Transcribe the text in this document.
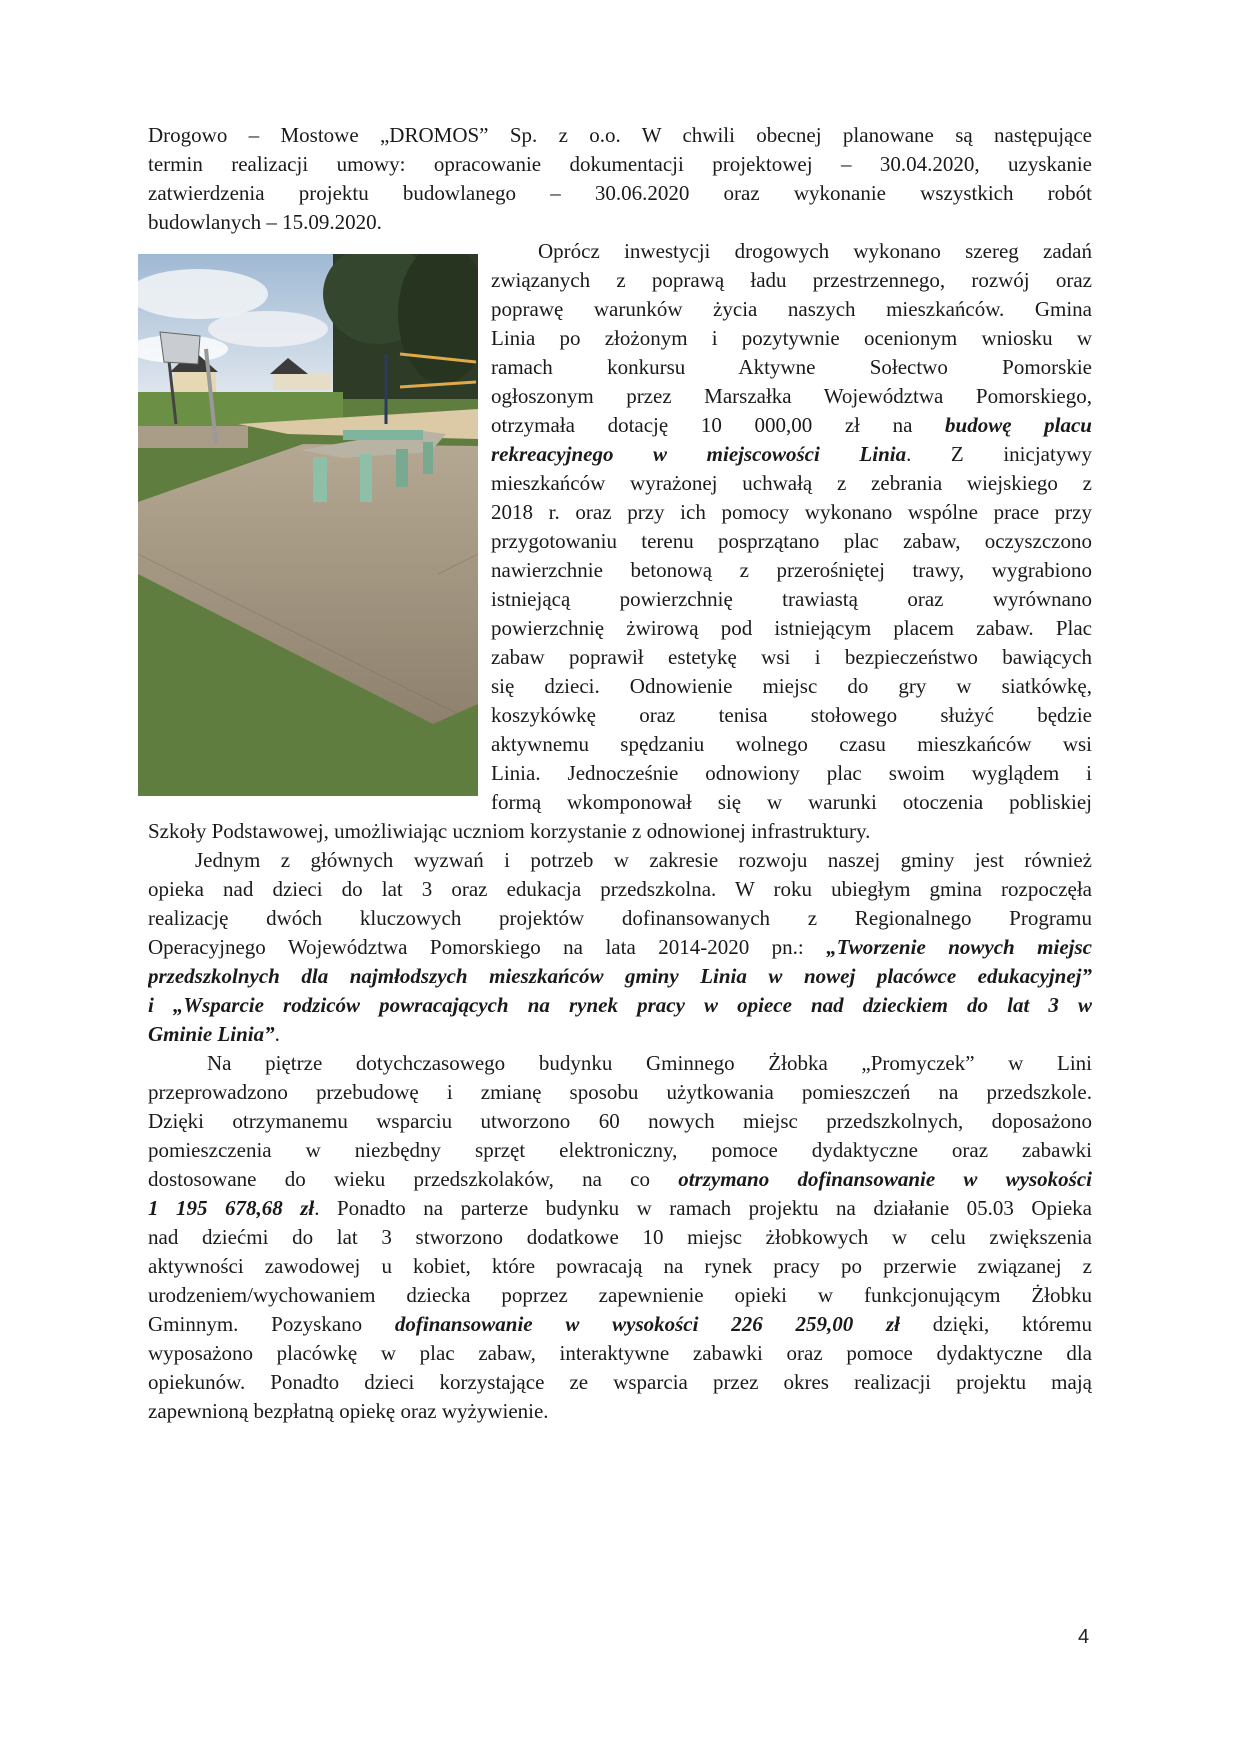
Drogowo – Mostowe „DROMOS” Sp. z o.o. W chwili obecnej planowane są następujące
termin realizacji umowy: opracowanie dokumentacji projektowej – 30.04.2020, uzyskanie
zatwierdzenia projektu budowlanego – 30.06.2020 oraz wykonanie wszystkich robót
budowlanych – 15.09.2020.
Oprócz inwestycji drogowych wykonano szereg zadań
związanych z poprawą ładu przestrzennego, rozwój oraz
poprawę warunków życia naszych mieszkańców. Gmina
Linia po złożonym i pozytywnie ocenionym wniosku w
ramach konkursu Aktywne Sołectwo Pomorskie
ogłoszonym przez Marszałka Województwa Pomorskiego,
otrzymała dotację 10 000,00 zł na budowę placu
rekreacyjnego w miejscowości Linia. Z inicjatywy
mieszkańców wyrażonej uchwałą z zebrania wiejskiego z
2018 r. oraz przy ich pomocy wykonano wspólne prace przy
przygotowaniu terenu posprzątano plac zabaw, oczyszczono
nawierzchnie betonową z przerośniętej trawy, wygrabiono
istniejącą powierzchnię trawiastą oraz wyrównano
powierzchnię żwirową pod istniejącym placem zabaw. Plac
zabaw poprawił estetykę wsi i bezpieczeństwo bawiących
się dzieci. Odnowienie miejsc do gry w siatkówkę,
koszykówkę oraz tenisa stołowego służyć będzie
aktywnemu spędzaniu wolnego czasu mieszkańców wsi
Linia. Jednocześnie odnowiony plac swoim wyglądem i
formą wkomponował się w warunki otoczenia pobliskiej
Szkoły Podstawowej, umożliwiając uczniom korzystanie z odnowionej infrastruktury.
Jednym z głównych wyzwań i potrzeb w zakresie rozwoju naszej gminy jest również
opieka nad dzieci do lat 3 oraz edukacja przedszkolna. W roku ubiegłym gmina rozpoczęła
realizację dwóch kluczowych projektów dofinansowanych z Regionalnego Programu
Operacyjnego Województwa Pomorskiego na lata 2014-2020 pn.: „Tworzenie nowych miejsc
przedszkolnych dla najmłodszych mieszkańców gminy Linia w nowej placówce edukacyjnej”
i „Wsparcie rodziców powracających na rynek pracy w opiece nad dzieckiem do lat 3 w
Gminie Linia”.
Na piętrze dotychczasowego budynku Gminnego Żłobka „Promyczek” w Lini
przeprowadzono przebudowę i zmianę sposobu użytkowania pomieszczeń na przedszkole.
Dzięki otrzymanemu wsparciu utworzono 60 nowych miejsc przedszkolnych, doposażono
pomieszczenia w niezbędny sprzęt elektroniczny, pomoce dydaktyczne oraz zabawki
dostosowane do wieku przedszkolaków, na co otrzymano dofinansowanie w wysokości
1 195 678,68 zł. Ponadto na parterze budynku w ramach projektu na działanie 05.03 Opieka
nad dziećmi do lat 3 stworzono dodatkowe 10 miejsc żłobkowych w celu zwiększenia
aktywności zawodowej u kobiet, które powracają na rynek pracy po przerwie związanej z
urodzeniem/wychowaniem dziecka poprzez zapewnienie opieki w funkcjonującym Żłobku
Gminnym. Pozyskano dofinansowanie w wysokości 226 259,00 zł dzięki, któremu
wyposażono placówkę w plac zabaw, interaktywne zabawki oraz pomoce dydaktyczne dla
opiekunów. Ponadto dzieci korzystające ze wsparcia przez okres realizacji projektu mają
zapewnioną bezpłatną opiekę oraz wyżywienie.
4
